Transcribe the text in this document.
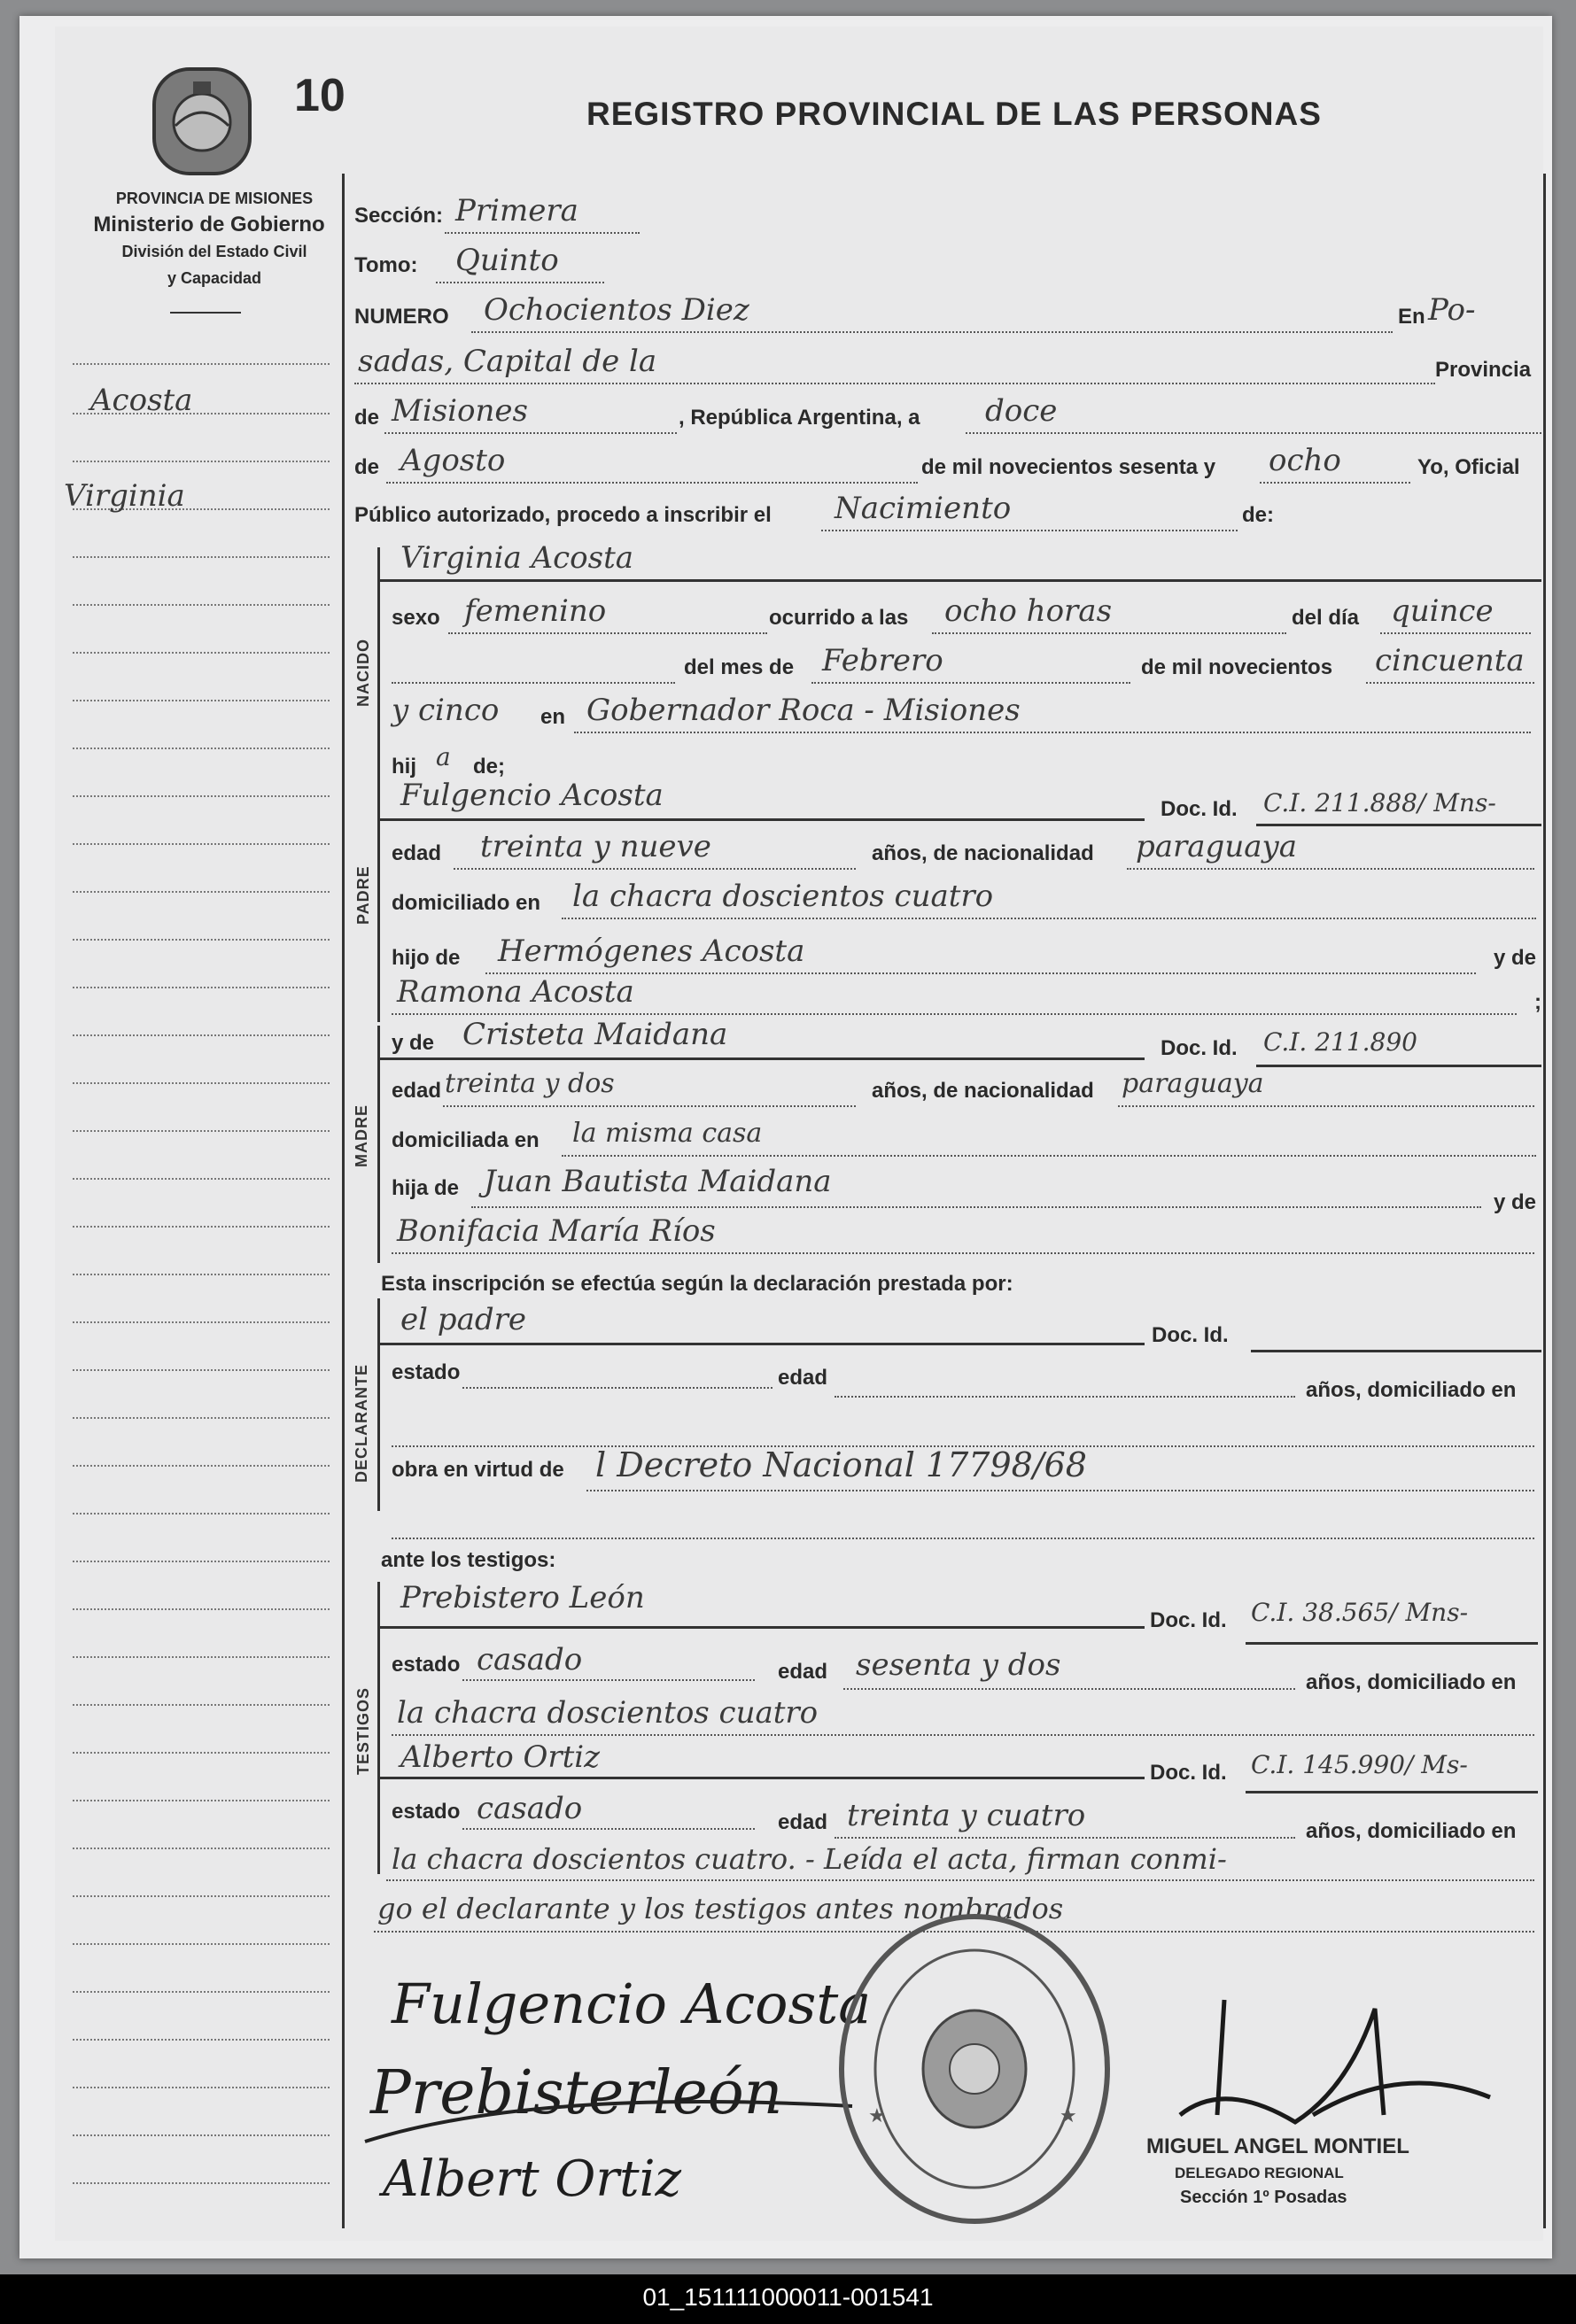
10	REGISTRO PROVINCIAL DE LAS PERSONAS
PROVINCIA DE MISIONES
Ministerio de Gobierno
División del Estado Civil
y Capacidad
Acosta
Virginia
Sección: Primera
Tomo: Quinto
NUMERO Ochocientos Diez	En Po-
sadas, Capital de la	Provincia
de Misiones	, República Argentina, a doce
de Agosto	de mil novecientos sesenta y ocho	Yo, Oficial
Público autorizado, procedo a inscribir el Nacimiento	de:
NACIDO
Virginia Acosta
sexo femenino	ocurrido a las ocho horas	del día quince
del mes de Febrero	de mil novecientos cincuenta
y cinco en Gobernador Roca - Misiones
hij a de;
PADRE
Fulgencio Acosta	Doc. Id. C.I. 211.888/ Mns-
edad treinta y nueve	años, de nacionalidad paraguaya
domiciliado en la chacra doscientos cuatro
hijo de Hermógenes Acosta	y de
Ramona Acosta	;
MADRE
y de Cristeta Maidana	Doc. Id. C.I. 211.890
edad treinta y dos	años, de nacionalidad paraguaya
domiciliada en la misma casa
hija de Juan Bautista Maidana
y de
Bonifacia María Ríos
Esta inscripción se efectúa según la declaración prestada por:
DECLARANTE
el padre	Doc. Id.
estado	edad
años, domiciliado en
obra en virtud de l Decreto Nacional 17798/68
ante los testigos:
TESTIGOS
Prebistero León
Doc. Id. C.I. 38.565/ Mns-
estado casado	edad sesenta y dos	años, domiciliado en
la chacra doscientos cuatro
Alberto Ortiz	Doc. Id. C.I. 145.990/ Ms-
estado casado	edad treinta y cuatro	años, domiciliado en
la chacra doscientos cuatro. - Leída el acta, firman conmi-
go el declarante y los testigos antes nombrados
Fulgencio Acosta
Prebisterleón
Albert Ortiz
★	★
MIGUEL ANGEL MONTIEL
DELEGADO REGIONAL
Sección 1º Posadas
01_151111000011-001541
